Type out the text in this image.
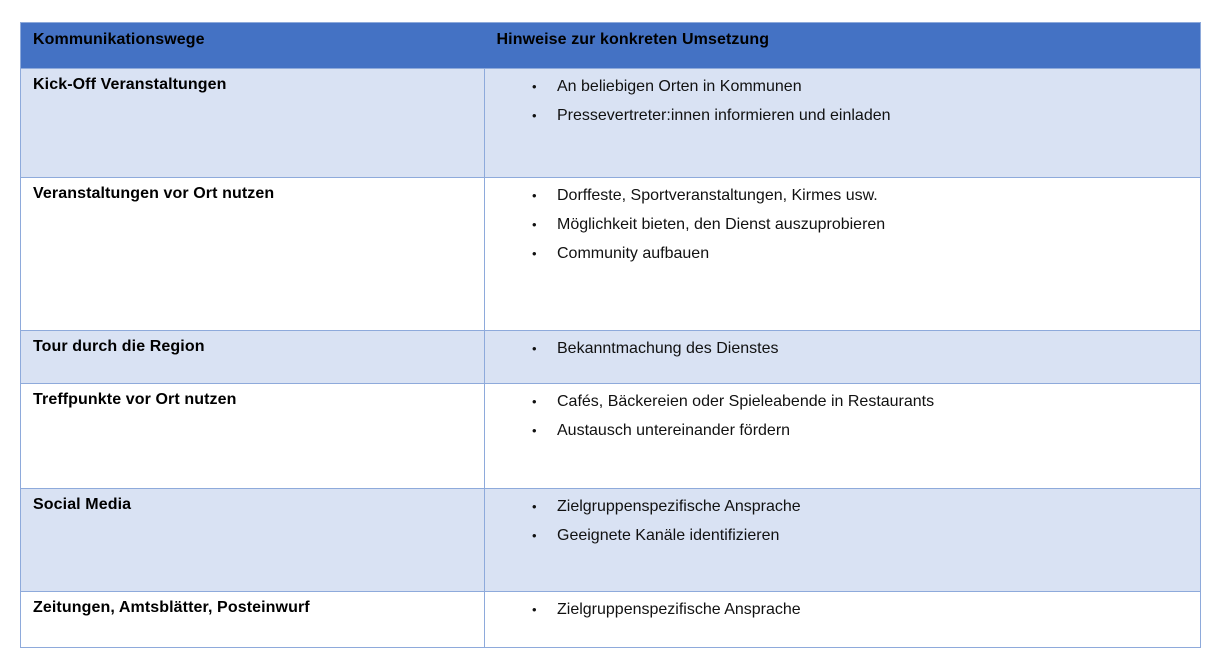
Kommunikationswege	Hinweise zur konkreten Umsetzung
Kick-Off Veranstaltungen	•	An beliebigen Orten in Kommunen
•	Pressevertreter:innen informieren und einladen

Veranstaltungen vor Ort nutzen	•	Dorffeste, Sportveranstaltungen, Kirmes usw.
•	Möglichkeit bieten, den Dienst auszuprobieren
•	Community aufbauen

Tour durch die Region	•	Bekanntmachung des Dienstes

Treffpunkte vor Ort nutzen	•	Cafés, Bäckereien oder Spieleabende in Restaurants
•	Austausch untereinander fördern

Social Media	•	Zielgruppenspezifische Ansprache
•	Geeignete Kanäle identifizieren

Zeitungen, Amtsblätter, Posteinwurf	•	Zielgruppenspezifische Ansprache
